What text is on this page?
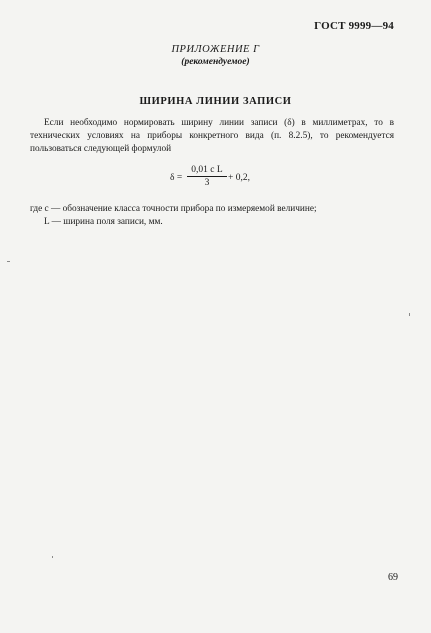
ГОСТ 9999—94
ПРИЛОЖЕНИЕ Г
(рекомендуемое)
ШИРИНА ЛИНИИ ЗАПИСИ
Если необходимо нормировать ширину линии записи (δ) в миллиметрах, то в технических условиях на приборы конкретного вида (п. 8.2.5), то рекомендуется пользоваться следующей формулой
$\delta = \frac{\text{0,01 c L}}{3} + 0,2$,
где c — обозначение класса точности прибора по измеряемой величине;
L — ширина поля записи, мм.
69
